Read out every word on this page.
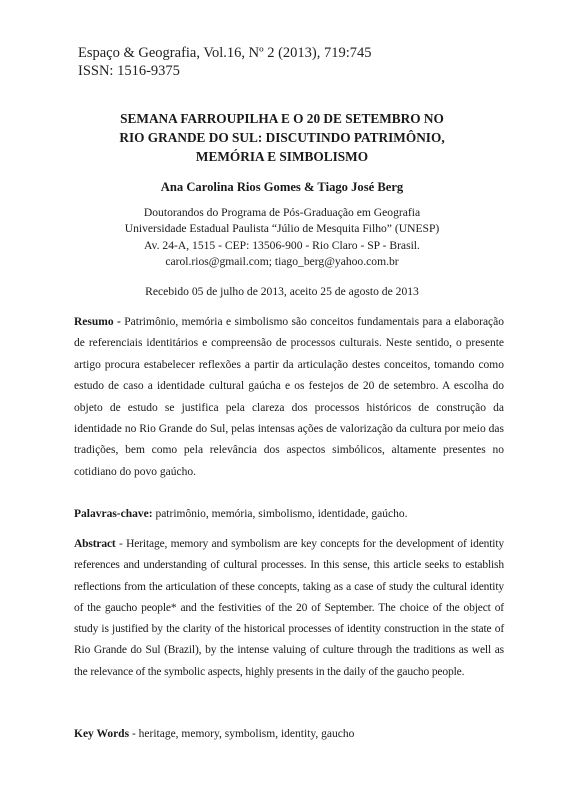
Espaço & Geografia, Vol.16, Nº 2 (2013), 719:745
ISSN: 1516-9375
SEMANA FARROUPILHA E O 20 DE SETEMBRO NO
RIO GRANDE DO SUL: DISCUTINDO PATRIMÔNIO,
MEMÓRIA E SIMBOLISMO
Ana Carolina Rios Gomes & Tiago José Berg
Doutorandos do Programa de Pós-Graduação em Geografia
Universidade Estadual Paulista “Júlio de Mesquita Filho” (UNESP)
Av. 24-A, 1515 - CEP: 13506-900 - Rio Claro - SP - Brasil.
carol.rios@gmail.com; tiago_berg@yahoo.com.br
Recebido 05 de julho de 2013, aceito 25 de agosto de 2013
Resumo - Patrimônio, memória e simbolismo são conceitos fundamentais para a elaboração de referenciais identitários e compreensão de processos culturais. Neste sentido, o presente artigo procura estabelecer reflexões a partir da articulação destes conceitos, tomando como estudo de caso a identidade cultural gaúcha e os festejos de 20 de setembro. A escolha do objeto de estudo se justifica pela clareza dos processos históricos de construção da identidade no Rio Grande do Sul, pelas intensas ações de valorização da cultura por meio das tradições, bem como pela relevância dos aspectos simbólicos, altamente presentes no cotidiano do povo gaúcho.
Palavras-chave: patrimônio, memória, simbolismo, identidade, gaúcho.
Abstract - Heritage, memory and symbolism are key concepts for the development of identity references and understanding of cultural processes. In this sense, this article seeks to establish reflections from the articulation of these concepts, taking as a case of study the cultural identity of the gaucho people* and the festivities of the 20 of September. The choice of the object of study is justified by the clarity of the historical processes of identity construction in the state of Rio Grande do Sul (Brazil), by the intense valuing of culture through the traditions as well as the relevance of the symbolic aspects, highly presents in the daily of the gaucho people.
Key Words - heritage, memory, symbolism, identity, gaucho
